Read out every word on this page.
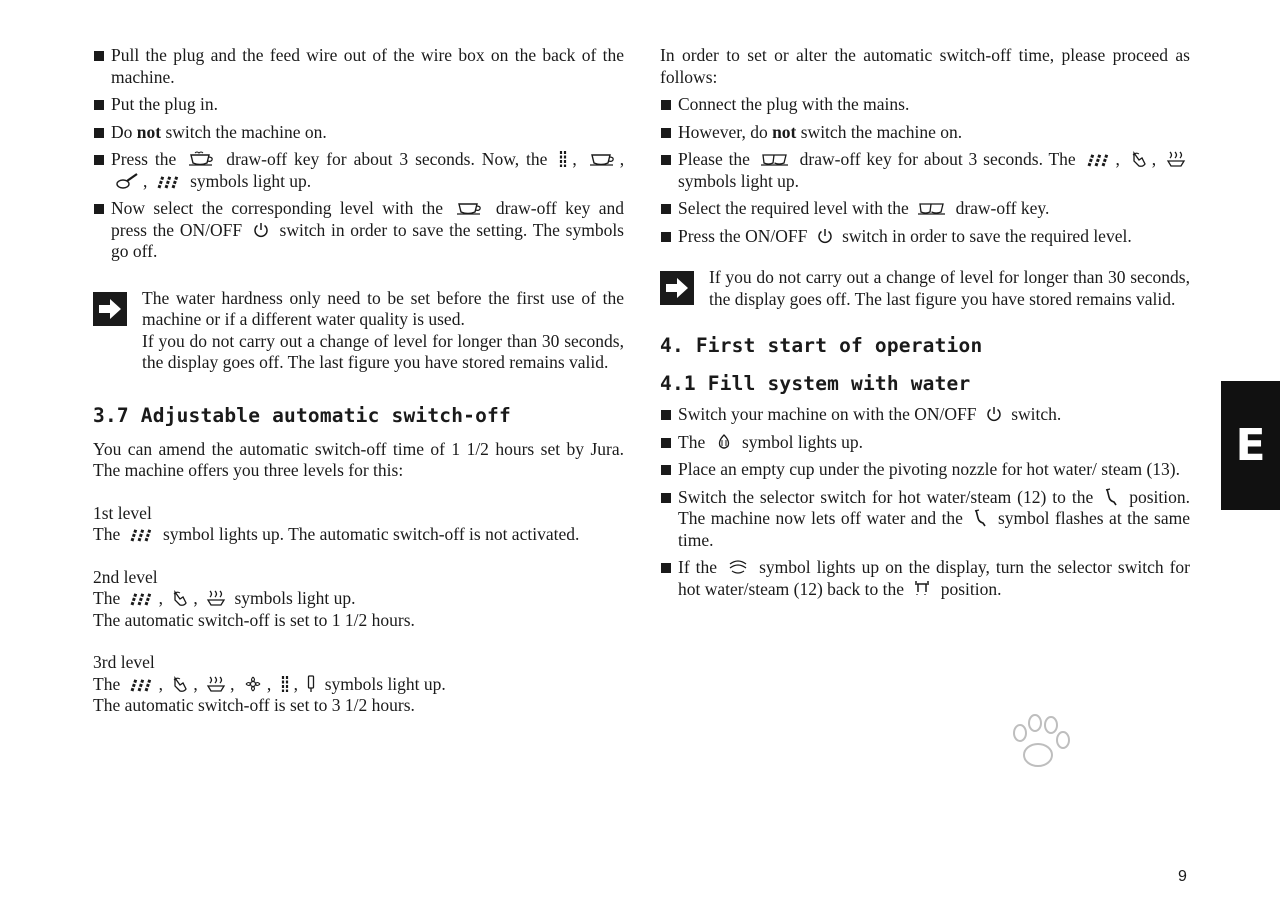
Pull the plug and the feed wire out of the wire box on the back of the machine.
Put the plug in.
Do not switch the machine on.
Press the	draw-off key for about 3 seconds. Now, the ,
,
,
symbols light up.
Now select the corresponding level with the	draw-off key and press the ON/OFF switch in order to save the setting. The symbols go off.

The water hardness only need to be set before the first use of the machine or if a different water quality is used.

If you do not carry out a change of level for longer than 30 seconds, the display goes off. The last figure you have stored remains valid.

3.7 Adjustable automatic switch-off

You can amend the automatic switch-off time of 1 1/2 hours set by Jura. The machine offers you three levels for this:

1st level

The symbol lights up. The automatic switch-off is not activated.

2nd level
The ,
,
symbols light up.
The automatic switch-off is set to 1 1/2 hours.
3rd level
The ,
,
,
,
,
symbols light up.
The automatic switch-off is set to 3 1/2 hours.

In order to set or alter the automatic switch-off time, please proceed as follows:

Connect the plug with the mains.
However, do not switch the machine on.
Please the	draw-off key for about 3 seconds. The ,
,
symbols light up.
Select the required level with the	draw-off key.
Press the ON/OFF switch in order to save the required level.

If you do not carry out a change of level for longer than 30 seconds, the display goes off. The last figure you have stored remains valid.

4. First start of operation
4.1 Fill system with water
Switch your machine on with the ON/OFF switch.
The symbol lights up.
Place an empty cup under the pivoting nozzle for hot water/ steam (13).
Switch the selector switch for hot water/steam (12) to the position. The machine now lets off water and the symbol flashes at the same time.
If the symbol lights up on the display, turn the selector switch for hot water/steam (12) back to the position.
E
9
